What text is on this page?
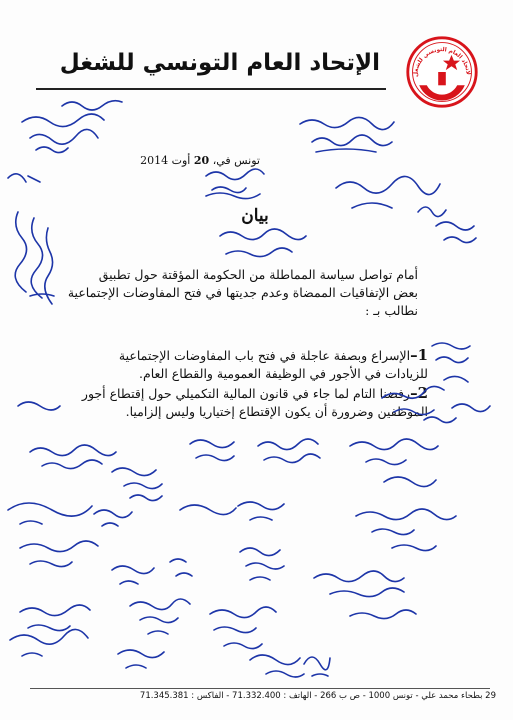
الإتحاد العام التونسي للشغل	لاتحاد العام التونسي للشغل
تونس في، 20 أوت 2014
بيان
أمام تواصل سياسة المماطلة من الحكومة المؤقتة حول تطبيق
بعض الإتفاقيات الممضاة وعدم جديتها في فتح المفاوضات الإجتماعية
نطالب بـ :
1–الإسراع وبصفة عاجلة في فتح باب المفاوضات الإجتماعية
للزيادات في الأجور في الوظيفة العمومية والقطاع العام.
2–رفضنا التام لما جاء في قانون المالية التكميلي حول إقتطاع أجور
الموظفين وضرورة أن يكون الإقتطاع إختياريا وليس إلزاميا.
29 بطحاء محمد علي - تونس 1000 - ص ب 266 - الهاتف : 71.332.400 - الفاكس : 71.345.381
